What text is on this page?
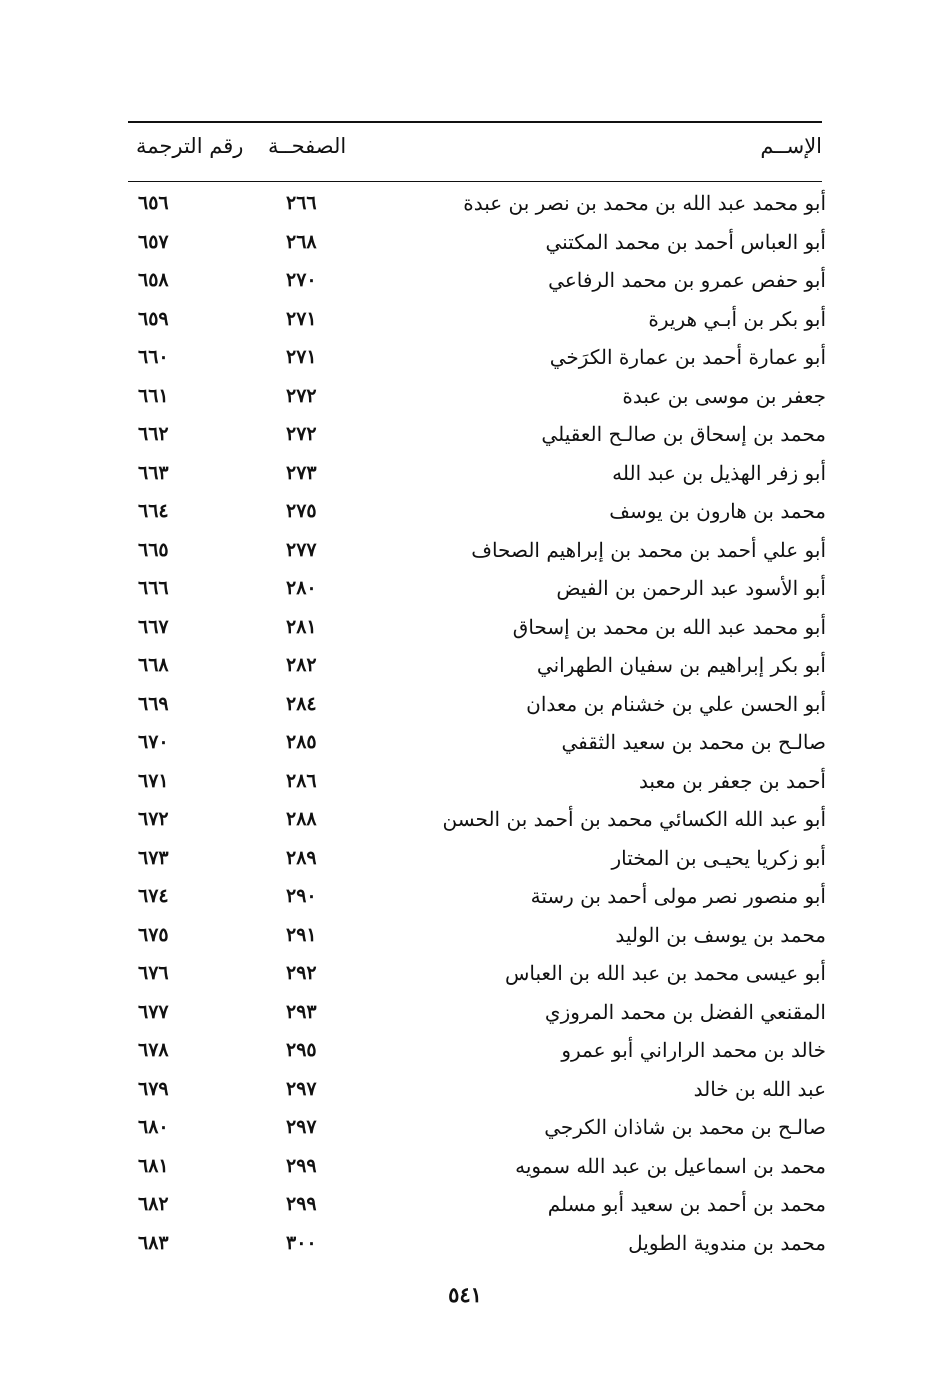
الإســم
الصفحــة
رقم الترجمة
أبو محمد عبد الله بن محمد بن نصر بن عبدة
٢٦٦
٦٥٦
أبو العباس أحمد بن محمد المكتني
٢٦٨
٦٥٧
أبو حفص عمرو بن محمد الرفاعي
٢٧٠
٦٥٨
أبو بكر بن أبـي هريرة
٢٧١
٦٥٩
أبو عمارة أحمد بن عمارة الكرَخي
٢٧١
٦٦٠
جعفر بن موسى بن عبدة
٢٧٢
٦٦١
محمد بن إسحاق بن صالـح العقيلي
٢٧٢
٦٦٢
أبو زفر الهذيل بن عبد الله
٢٧٣
٦٦٣
محمد بن هارون بن يوسف
٢٧٥
٦٦٤
أبو علي أحمد بن محمد بن إبراهيم الصحاف
٢٧٧
٦٦٥
أبو الأسود عبد الرحمن بن الفيض
٢٨٠
٦٦٦
أبو محمد عبد الله بن محمد بن إسحاق
٢٨١
٦٦٧
أبو بكر إبراهيم بن سفيان الطهراني
٢٨٢
٦٦٨
أبو الحسن علي بن خشنام بن معدان
٢٨٤
٦٦٩
صالـح بن محمد بن سعيد الثقفي
٢٨٥
٦٧٠
أحمد بن جعفر بن معبد
٢٨٦
٦٧١
أبو عبد الله الكسائي محمد بن أحمد بن الحسن
٢٨٨
٦٧٢
أبو زكريا يحيـى بن المختار
٢٨٩
٦٧٣
أبو منصور نصر مولى أحمد بن رستة
٢٩٠
٦٧٤
محمد بن يوسف بن الوليد
٢٩١
٦٧٥
أبو عيسى محمد بن عبد الله بن العباس
٢٩٢
٦٧٦
المقنعي الفضل بن محمد المروزي
٢٩٣
٦٧٧
خالد بن محمد الراراني أبو عمرو
٢٩٥
٦٧٨
عبد الله بن خالد
٢٩٧
٦٧٩
صالـح بن محمد بن شاذان الكرجي
٢٩٧
٦٨٠
محمد بن اسماعيل بن عبد الله سمويه
٢٩٩
٦٨١
محمد بن أحمد بن سعيد أبو مسلم
٢٩٩
٦٨٢
محمد بن مندوية الطويل
٣٠٠
٦٨٣
٥٤١
